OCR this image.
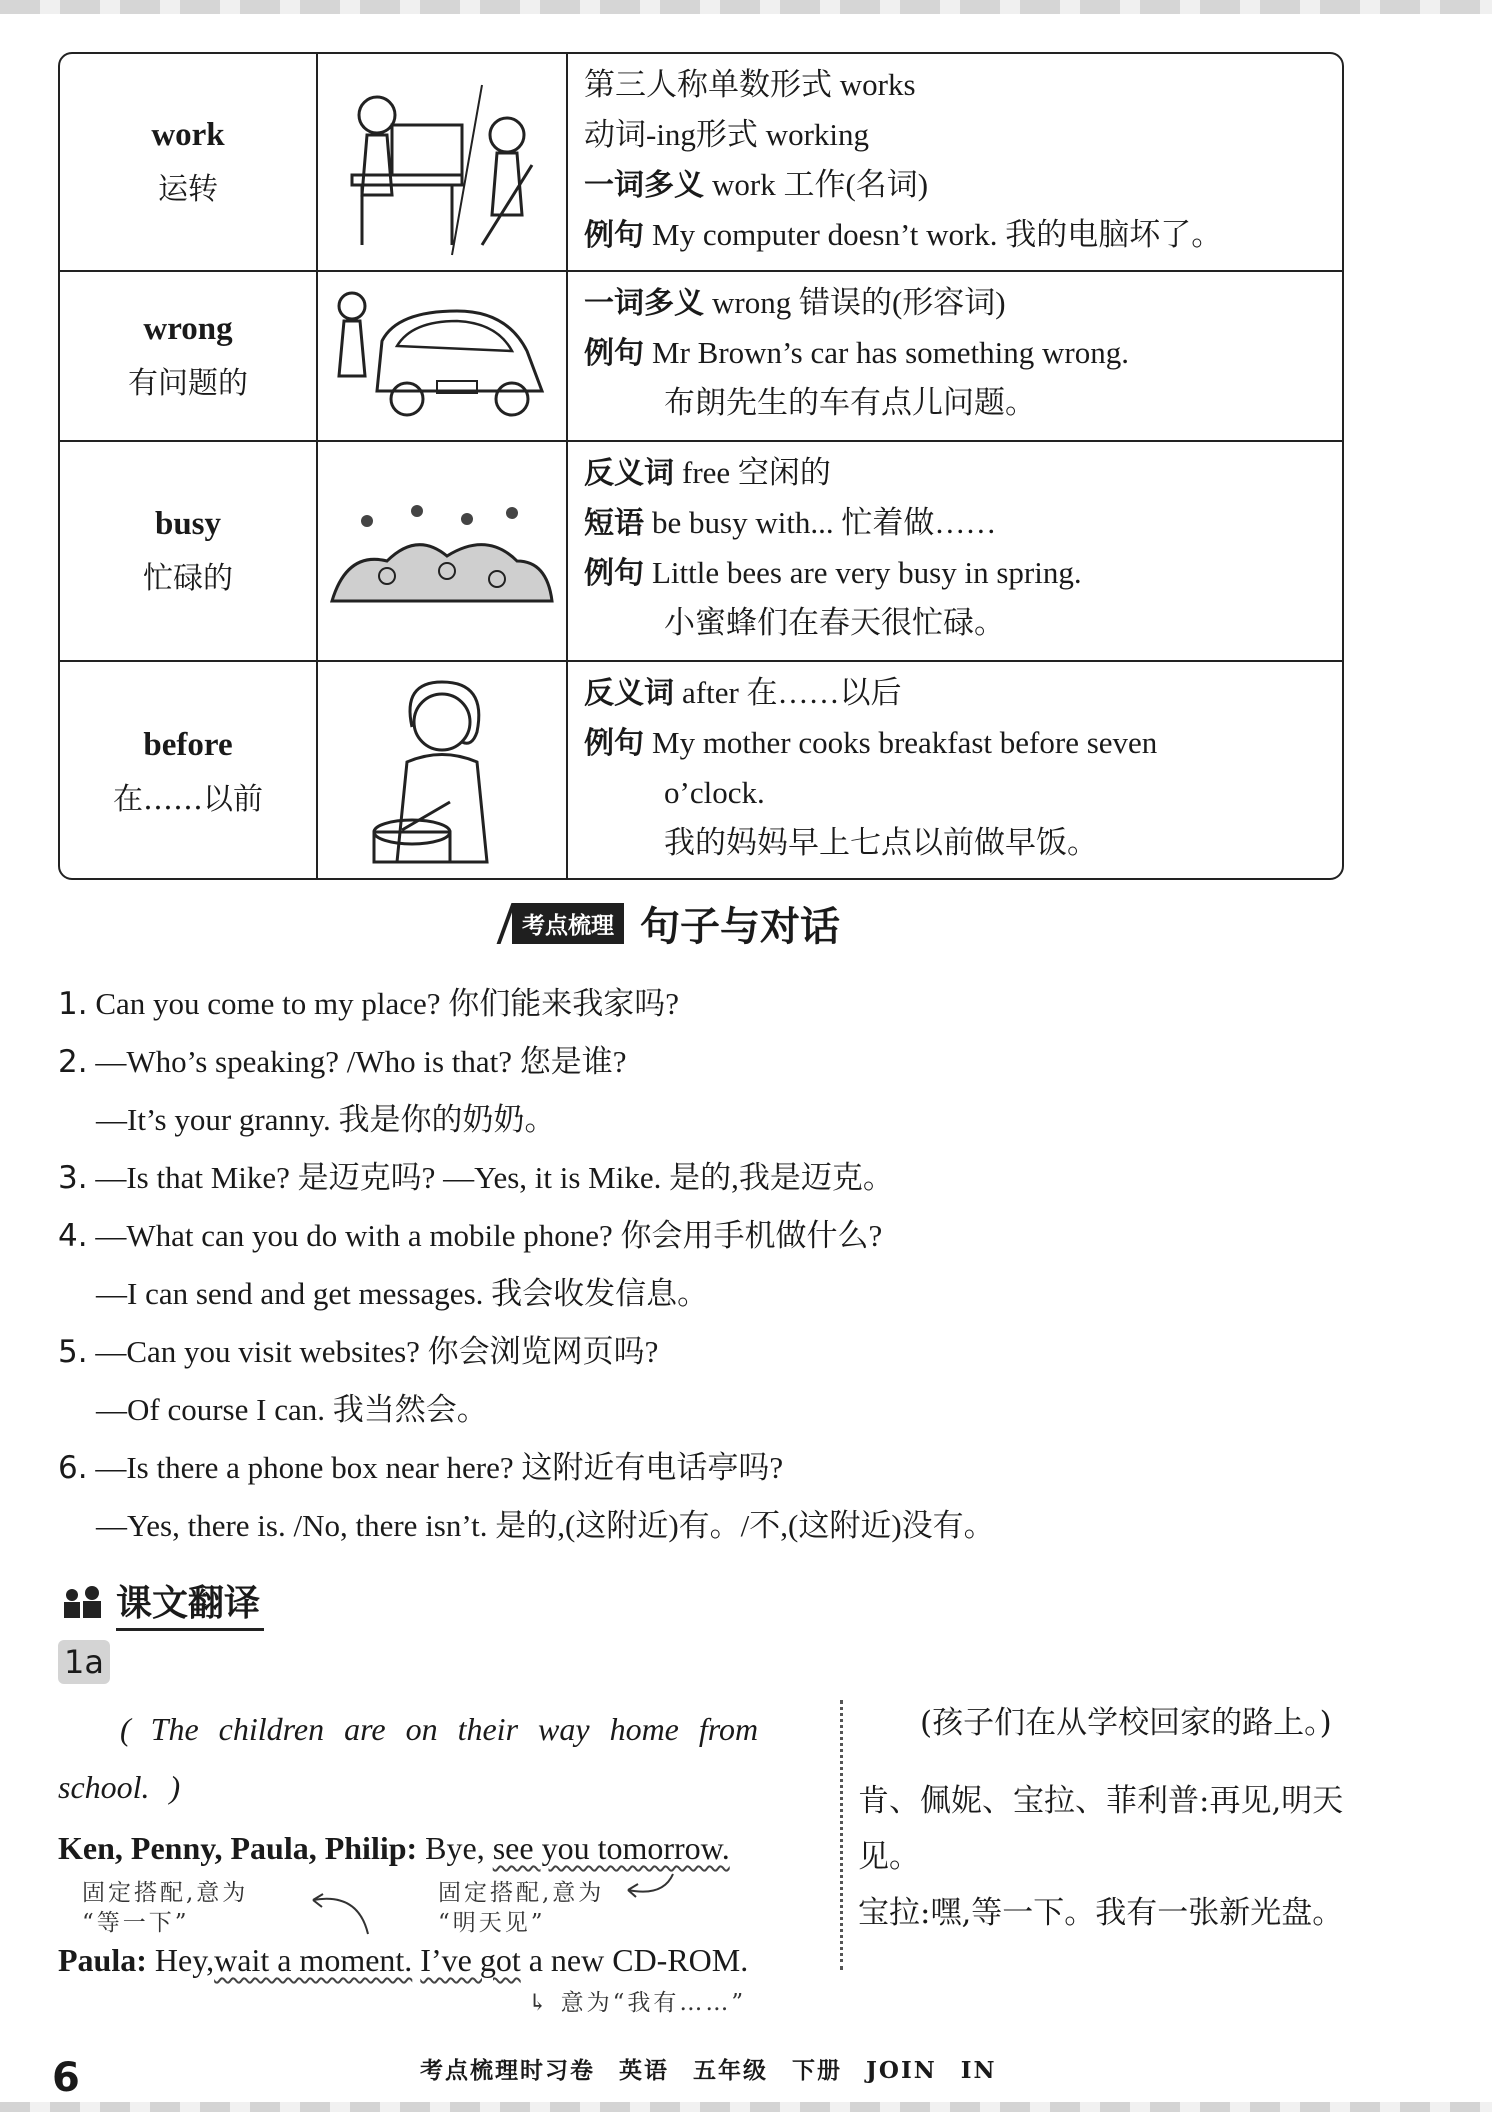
work
运转
第三人称单数形式 works
动词-ing形式 working
一词多义 work 工作(名词)
例句 My computer doesn’t work. 我的电脑坏了。
wrong
有问题的
一词多义 wrong 错误的(形容词)
例句 Mr Brown’s car has something wrong.
布朗先生的车有点儿问题。
busy
忙碌的
反义词 free 空闲的
短语 be busy with... 忙着做……
例句 Little bees are very busy in spring.
小蜜蜂们在春天很忙碌。
before
在……以前
反义词 after 在……以后
例句 My mother cooks breakfast before seven
o’clock.
我的妈妈早上七点以前做早饭。
考点梳理 句子与对话
1. Can you come to my place? 你们能来我家吗?
2. —Who’s speaking? /Who is that? 您是谁?
—It’s your granny. 我是你的奶奶。
3. —Is that Mike? 是迈克吗? —Yes, it is Mike. 是的,我是迈克。
4. —What can you do with a mobile phone? 你会用手机做什么?
—I can send and get messages. 我会收发信息。
5. —Can you visit websites? 你会浏览网页吗?
—Of course I can. 我当然会。
6. —Is there a phone box near here? 这附近有电话亭吗?
—Yes, there is. /No, there isn’t. 是的,(这附近)有。/不,(这附近)没有。
课文翻译
1a
( The children are on their way home from school. )
Ken, Penny, Paula, Philip: Bye, see you tomorrow.
固定搭配,意为
“等一下”
固定搭配,意为
“明天见”
Paula: Hey,wait a moment. I’ve got a new CD-ROM.
↳ 意为“我有……”
(孩子们在从学校回家的路上。)
肯、佩妮、宝拉、菲利普:再见,明天见。
宝拉:嘿,等一下。我有一张新光盘。
6	考点梳理时习卷 英语 五年级 下册 JOIN IN
